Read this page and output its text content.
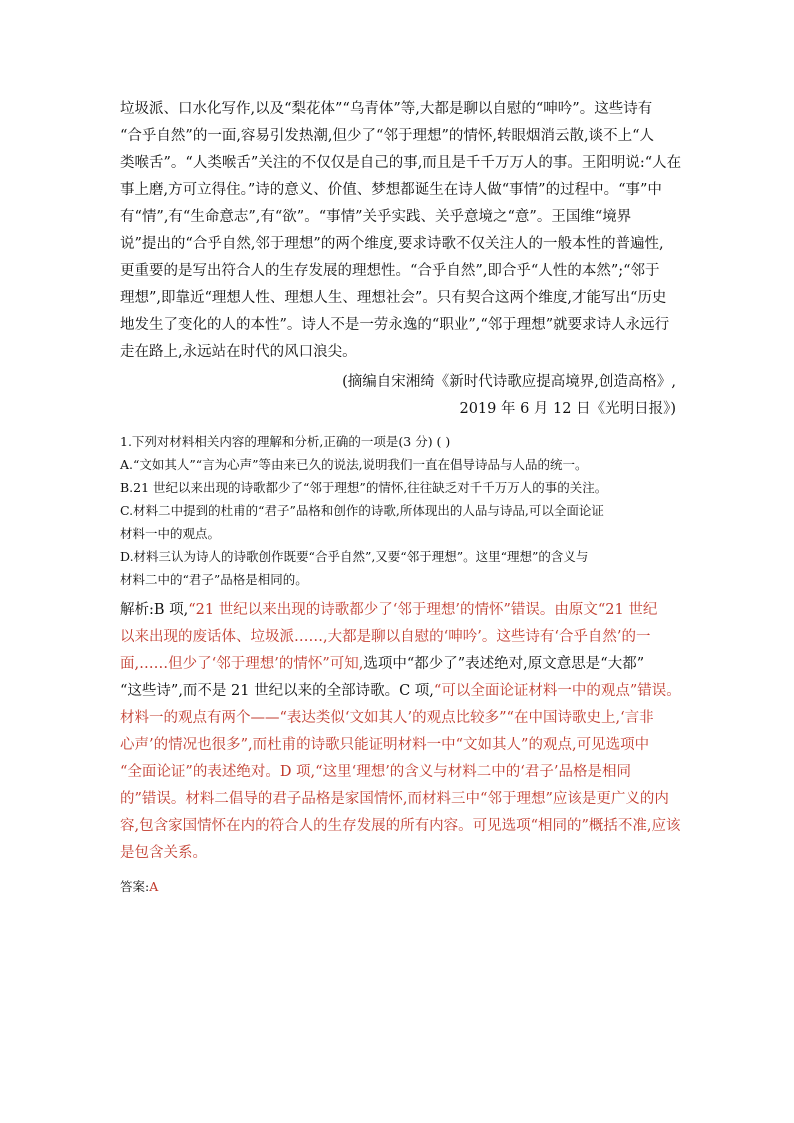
垃圾派、口水化写作,以及“梨花体”“乌青体”等,大都是聊以自慰的“呻吟”。这些诗有

“合乎自然”的一面,容易引发热潮,但少了“邻于理想”的情怀,转眼烟消云散,谈不上“人

类喉舌”。“人类喉舌”关注的不仅仅是自己的事,而且是千千万万人的事。王阳明说:“人在

事上磨,方可立得住。”诗的意义、价值、梦想都诞生在诗人做“事情”的过程中。“事”中

有“情”,有“生命意志”,有“欲”。“事情”关乎实践、关乎意境之“意”。王国维“境界

说”提出的“合乎自然,邻于理想”的两个维度,要求诗歌不仅关注人的一般本性的普遍性,

更重要的是写出符合人的生存发展的理想性。“合乎自然”,即合乎“人性的本然”;“邻于

理想”,即靠近“理想人性、理想人生、理想社会”。只有契合这两个维度,才能写出“历史

地发生了变化的人的本性”。诗人不是一劳永逸的“职业”,“邻于理想”就要求诗人永远行

走在路上,永远站在时代的风口浪尖。

(摘编自宋湘绮《新时代诗歌应提高境界,创造高格》,

2019 年 6 月 12 日《光明日报》)

1.下列对材料相关内容的理解和分析,正确的一项是(3 分) ( )

A.“文如其人”“言为心声”等由来已久的说法,说明我们一直在倡导诗品与人品的统一。

B.21 世纪以来出现的诗歌都少了“邻于理想”的情怀,往往缺乏对千千万万人的事的关注。

C.材料二中提到的杜甫的“君子”品格和创作的诗歌,所体现出的人品与诗品,可以全面论证

材料一中的观点。

D.材料三认为诗人的诗歌创作既要“合乎自然”,又要“邻于理想”。这里“理想”的含义与

材料二中的“君子”品格是相同的。

解析:B 项,“21 世纪以来出现的诗歌都少了‘邻于理想’的情怀”错误。由原文“21 世纪

以来出现的废话体、垃圾派……,大都是聊以自慰的‘呻吟’。这些诗有‘合乎自然’的一

面,……但少了‘邻于理想’的情怀”可知,选项中“都少了”表述绝对,原文意思是“大都”

“这些诗”,而不是 21 世纪以来的全部诗歌。C 项,“可以全面论证材料一中的观点”错误。

材料一的观点有两个——“表达类似‘文如其人’的观点比较多”“在中国诗歌史上,‘言非

心声’的情况也很多”,而杜甫的诗歌只能证明材料一中“文如其人”的观点,可见选项中

“全面论证”的表述绝对。D 项,“这里‘理想’的含义与材料二中的‘君子’品格是相同

的”错误。材料二倡导的君子品格是家国情怀,而材料三中“邻于理想”应该是更广义的内

容,包含家国情怀在内的符合人的生存发展的所有内容。可见选项“相同的”概括不准,应该

是包含关系。

答案:A
